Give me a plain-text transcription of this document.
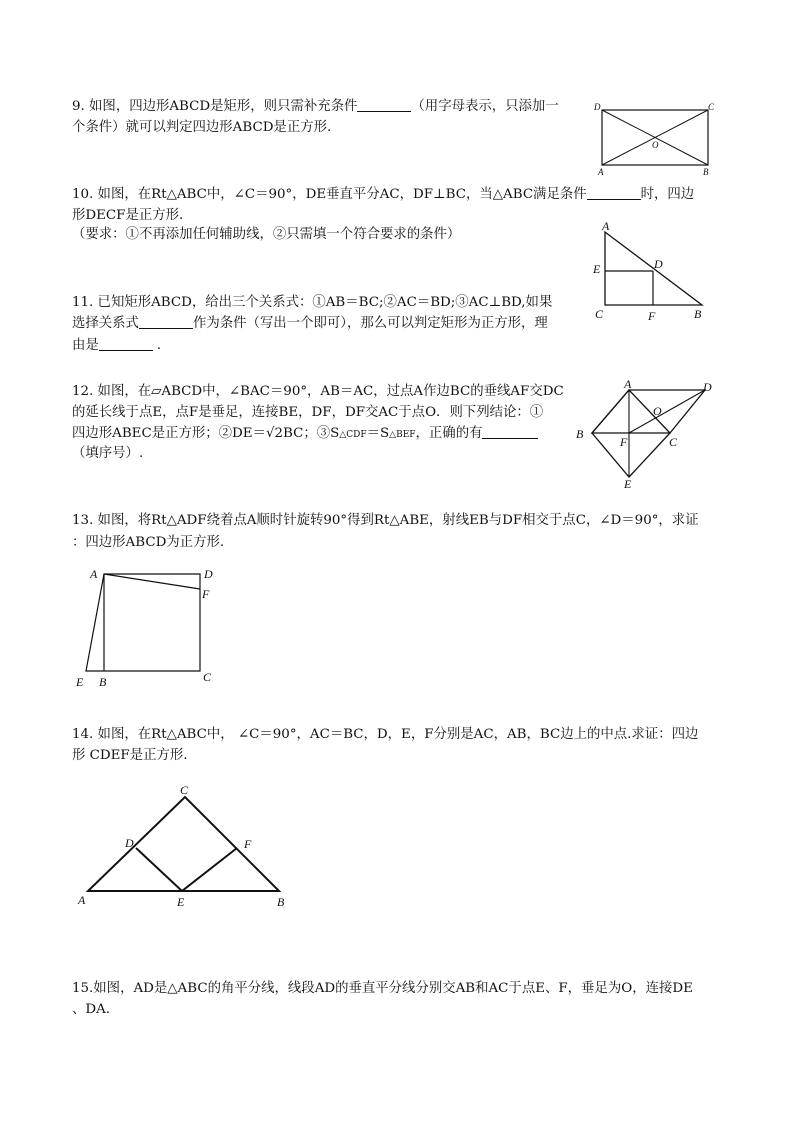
9. 如图，四边形ABCD是矩形，则只需补充条件	（用字母表示，只添加一
个条件）就可以判定四边形ABCD是正方形.
D	C
A	B
O
10. 如图，在Rt△ABC中，∠C＝90°，DE垂直平分AC，DF⊥BC，当△ABC满足条件	时，四边
形DECF是正方形.
（要求：①不再添加任何辅助线，②只需填一个符合要求的条件）
A
E	D
C	F	B
11. 已知矩形ABCD，给出三个关系式：①AB＝BC;②AC＝BD;③AC⊥BD,如果
选择关系式	作为条件（写出一个即可），那么可以判定矩形为正方形，理
由是	.
12. 如图，在▱ABCD中，∠BAC＝90°，AB＝AC，过点A作边BC的垂线AF交DC
的延长线于点E，点F是垂足，连接BE，DF，DF交AC于点O．则下列结论：①
四边形ABEC是正方形；②DE＝√2BC；③S△CDF＝S△BEF，正确的有
（填序号）.
A	D
O
B
F	C
E
13. 如图，将Rt△ADF绕着点A顺时针旋转90°得到Rt△ABE，射线EB与DF相交于点C，∠D＝90°，求证
：四边形ABCD为正方形.
A	D
F
E B	C
14. 如图，在Rt△ABC中， ∠C＝90°，AC＝BC，D，E，F分别是AC，AB，BC边上的中点.求证：四边
形 CDEF是正方形.
C
D	F
A	E	B
15.如图，AD是△ABC的角平分线，线段AD的垂直平分线分别交AB和AC于点E、F，垂足为O，连接DE
、DA.
